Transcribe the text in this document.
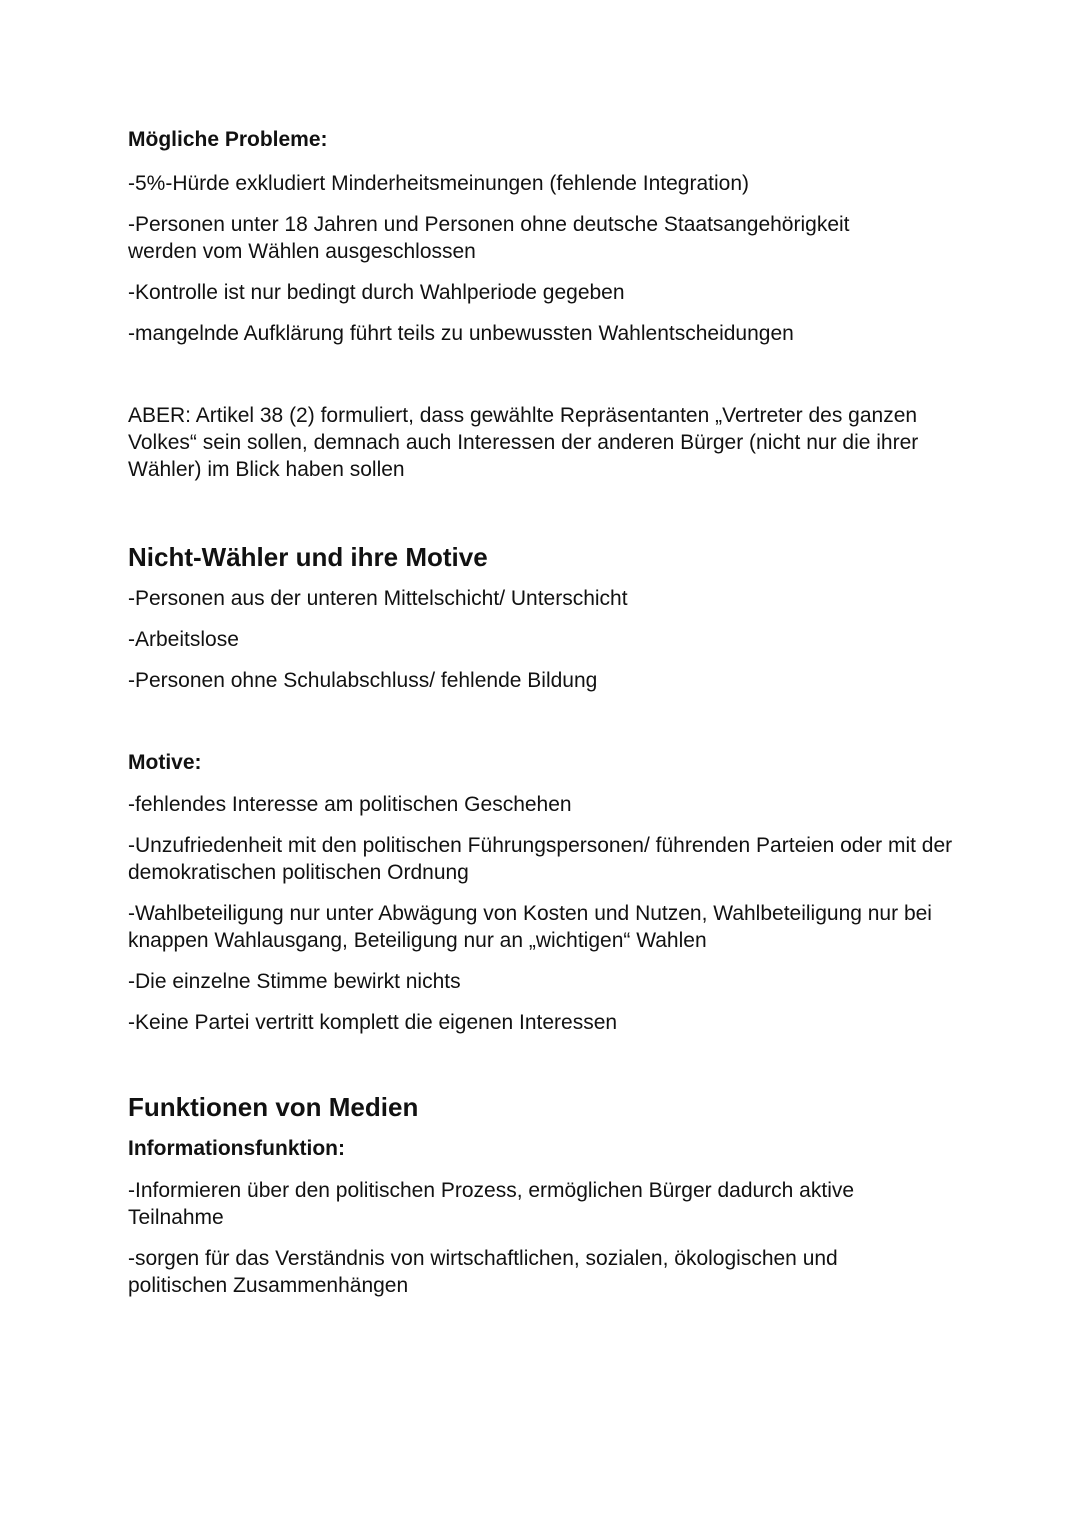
Mögliche Probleme:

-5%-Hürde exkludiert Minderheitsmeinungen (fehlende Integration)

-Personen unter 18 Jahren und Personen ohne deutsche Staatsangehörigkeit werden vom Wählen ausgeschlossen

-Kontrolle ist nur bedingt durch Wahlperiode gegeben

-mangelnde Aufklärung führt teils zu unbewussten Wahlentscheidungen

ABER: Artikel 38 (2) formuliert, dass gewählte Repräsentanten „Vertreter des ganzen Volkes“ sein sollen, demnach auch Interessen der anderen Bürger (nicht nur die ihrer Wähler) im Blick haben sollen

Nicht-Wähler und ihre Motive

-Personen aus der unteren Mittelschicht/ Unterschicht

-Arbeitslose

-Personen ohne Schulabschluss/ fehlende Bildung

Motive:

-fehlendes Interesse am politischen Geschehen

-Unzufriedenheit mit den politischen Führungspersonen/ führenden Parteien oder mit der demokratischen politischen Ordnung

-Wahlbeteiligung nur unter Abwägung von Kosten und Nutzen, Wahlbeteiligung nur bei knappen Wahlausgang, Beteiligung nur an „wichtigen“ Wahlen

-Die einzelne Stimme bewirkt nichts

-Keine Partei vertritt komplett die eigenen Interessen

Funktionen von Medien

Informationsfunktion:

-Informieren über den politischen Prozess, ermöglichen Bürger dadurch aktive Teilnahme

-sorgen für das Verständnis von wirtschaftlichen, sozialen, ökologischen und politischen Zusammenhängen
